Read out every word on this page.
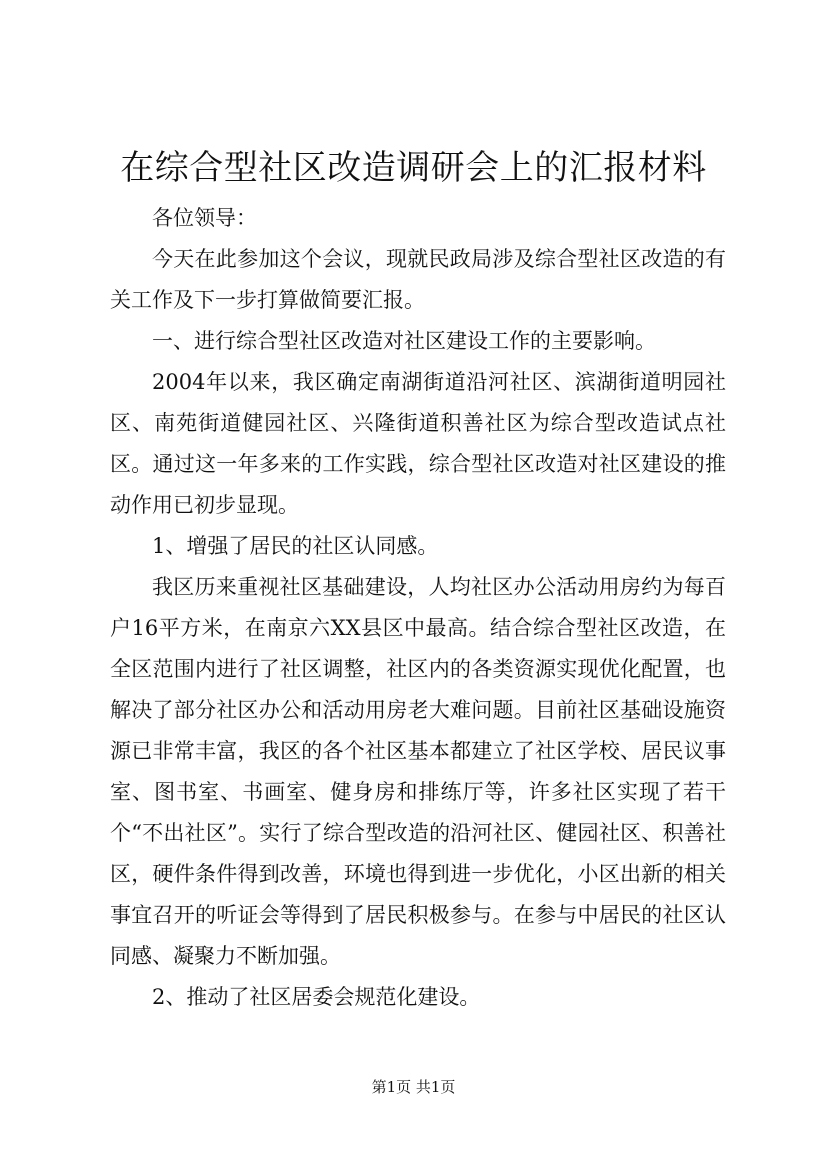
在综合型社区改造调研会上的汇报材料

各位领导：

今天在此参加这个会议，现就民政局涉及综合型社区改造的有关工作及下一步打算做简要汇报。

一、进行综合型社区改造对社区建设工作的主要影响。

2004年以来，我区确定南湖街道沿河社区、滨湖街道明园社区、南苑街道健园社区、兴隆街道积善社区为综合型改造试点社区。通过这一年多来的工作实践，综合型社区改造对社区建设的推动作用已初步显现。

1、增强了居民的社区认同感。

我区历来重视社区基础建设，人均社区办公活动用房约为每百户16平方米，在南京六XX县区中最高。结合综合型社区改造，在全区范围内进行了社区调整，社区内的各类资源实现优化配置，也解决了部分社区办公和活动用房老大难问题。目前社区基础设施资源已非常丰富，我区的各个社区基本都建立了社区学校、居民议事室、图书室、书画室、健身房和排练厅等，许多社区实现了若干个“不出社区”。实行了综合型改造的沿河社区、健园社区、积善社区，硬件条件得到改善，环境也得到进一步优化，小区出新的相关事宜召开的听证会等得到了居民积极参与。在参与中居民的社区认同感、凝聚力不断加强。

2、推动了社区居委会规范化建设。

第1页 共1页
